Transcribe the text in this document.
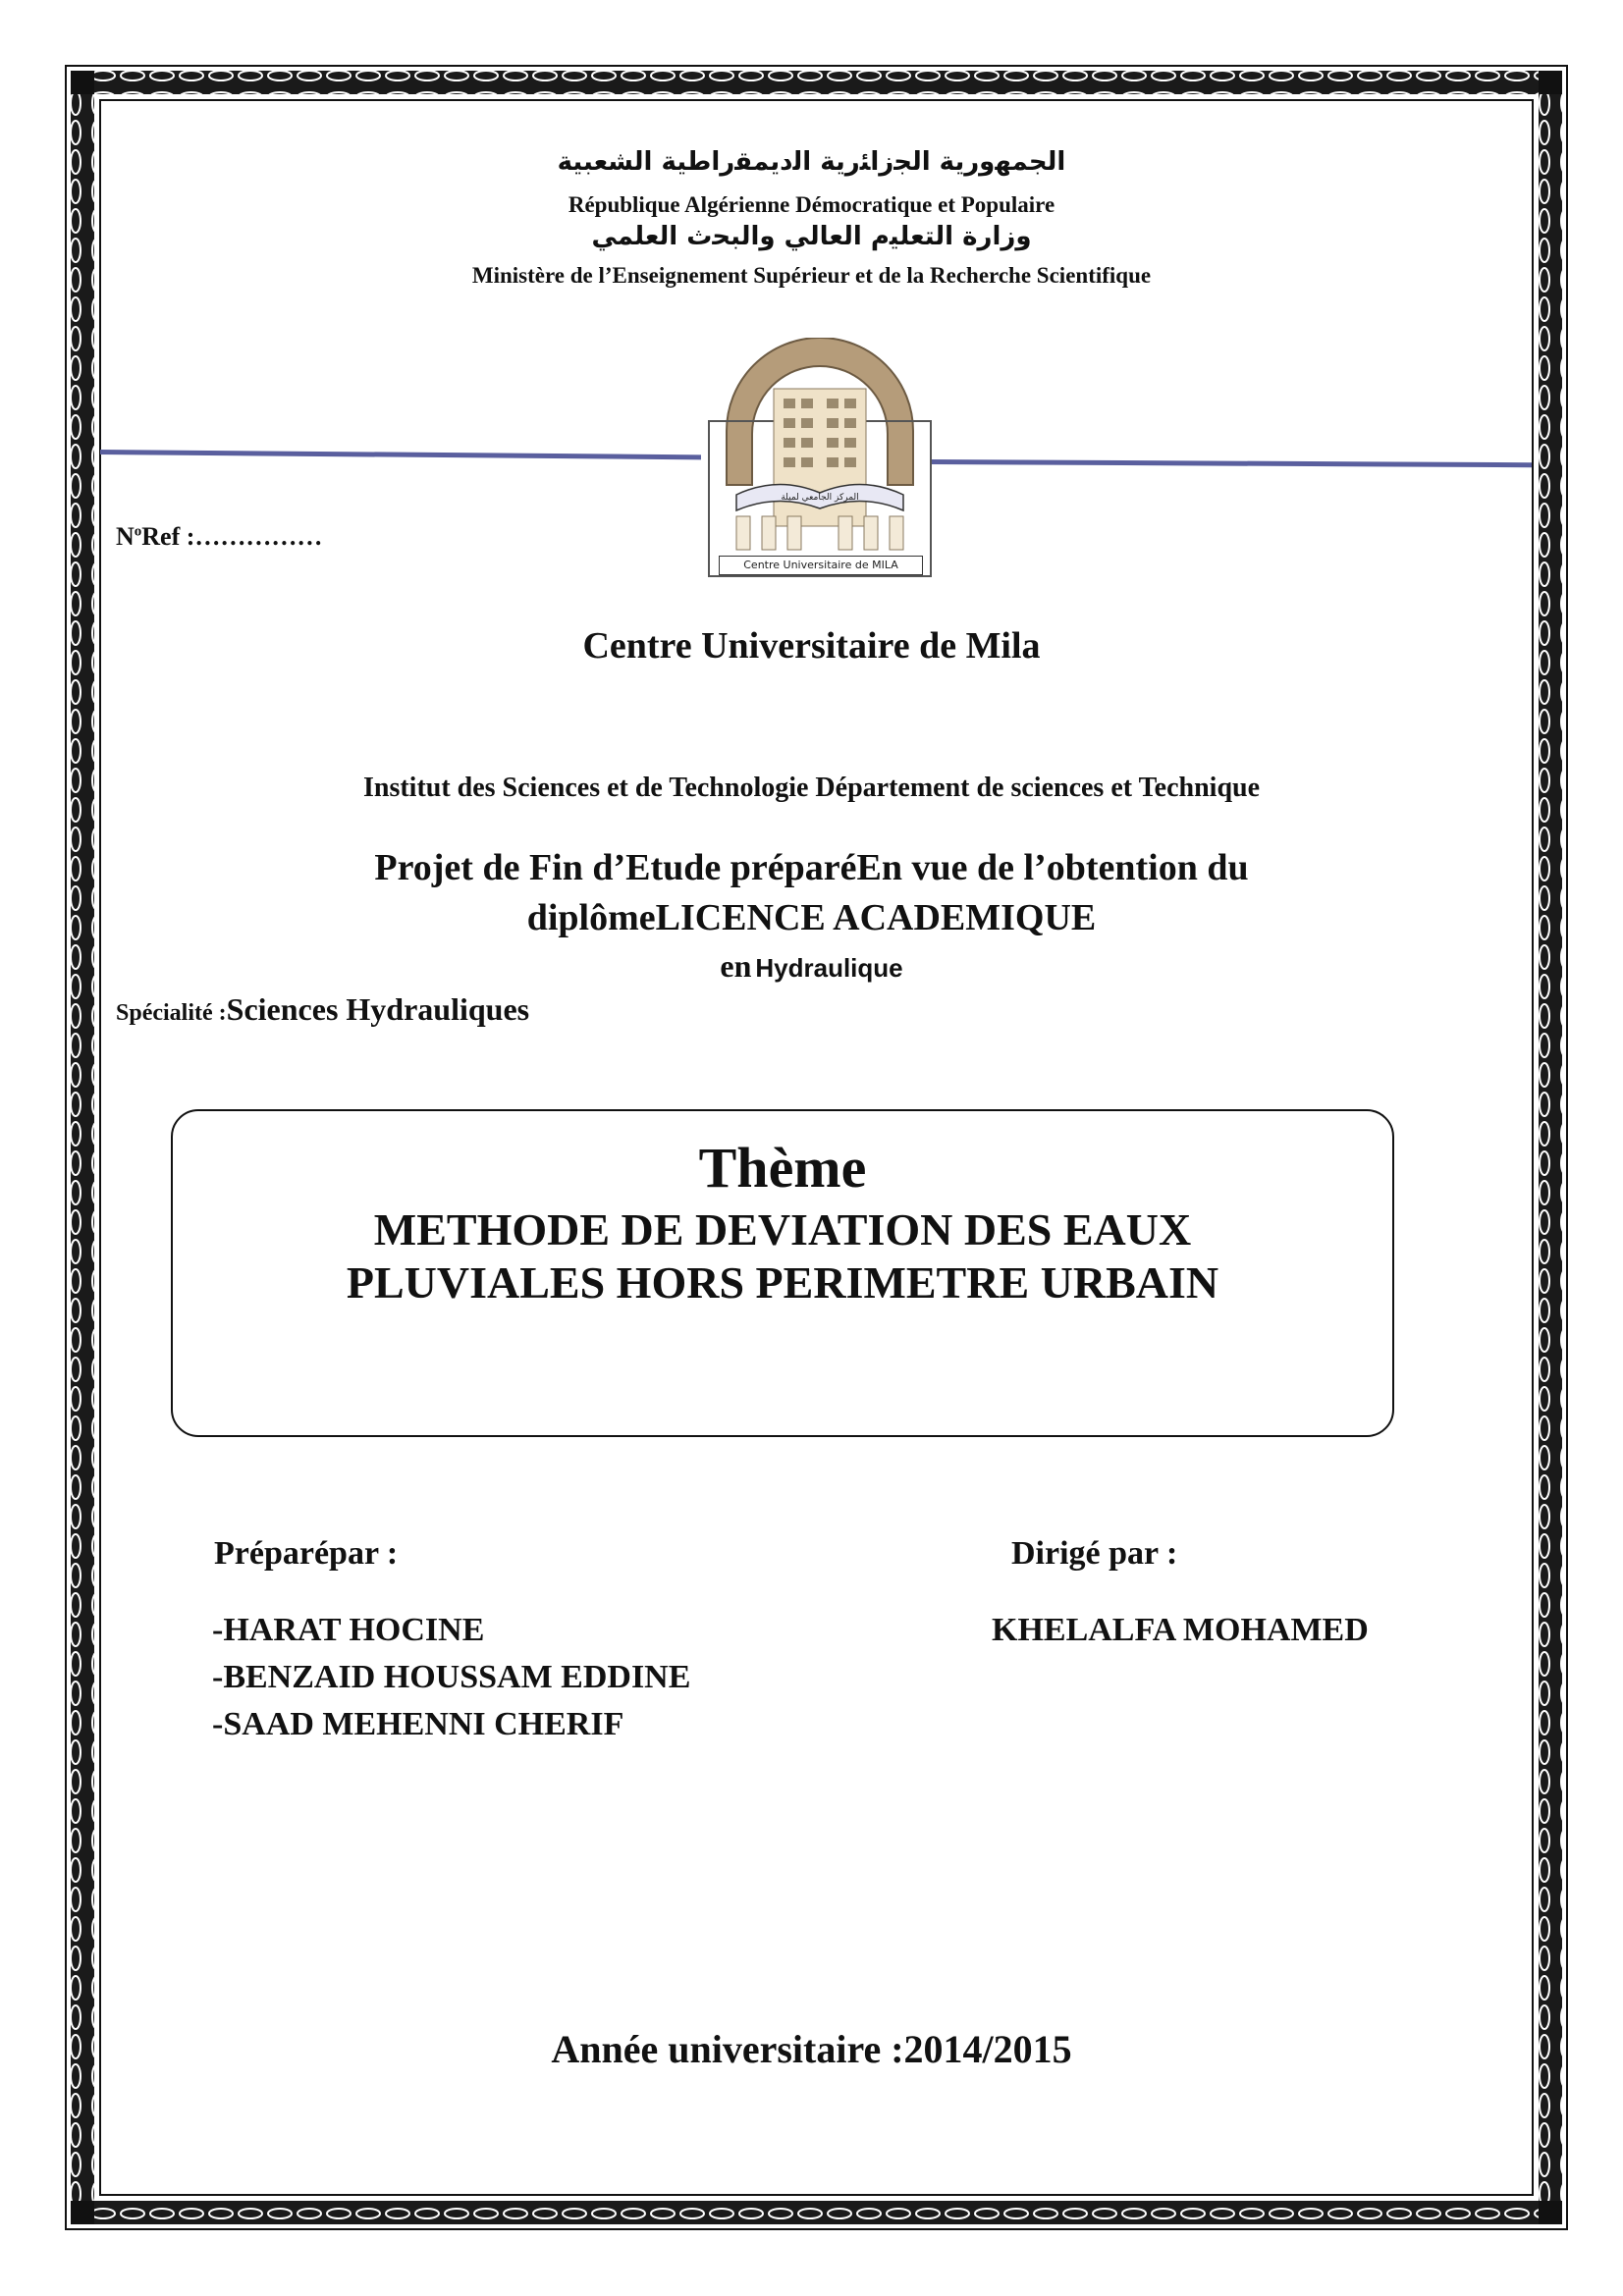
ﺍﻟﺠﻤﻬﻭﺭﻳﺔ ﺍﻟﺠﺯﺍﺌﺭﻳﺔ ﺍﻟﺩﻳﻤﻘﺭﺍﻃﻴﺔ ﺍﻟﺸﻌﺒﻴﺔ
République Algérienne Démocratique et Populaire
ﻭﺯﺍﺭﺓ ﺍﻟﺘﻌﻠﻴﻡ ﺍﻟﻌﺎﻟﻲ ﻭﺍﻟﺒﺤﺙ ﺍﻟﻌﻠﻤﻲ
Ministère de l’Enseignement Supérieur et de la Recherche Scientifique
المركز الجامعي لميلة
Centre Universitaire de MILA
$N^oRef$ :……………
Centre Universitaire de Mila
Institut des Sciences et de Technologie Département de sciences et Technique
Projet de Fin d’Etude préparéEn vue de l’obtention du
diplômeLICENCE ACADEMIQUE
en Hydraulique
Spécialité :Sciences Hydrauliques
Thème
METHODE DE DEVIATION DES EAUX
PLUVIALES HORS PERIMETRE URBAIN
Préparépar :
-HARAT HOCINE
-BENZAID HOUSSAM EDDINE
-SAAD MEHENNI CHERIF
Dirigé par :
KHELALFA MOHAMED
Année universitaire :2014/2015
